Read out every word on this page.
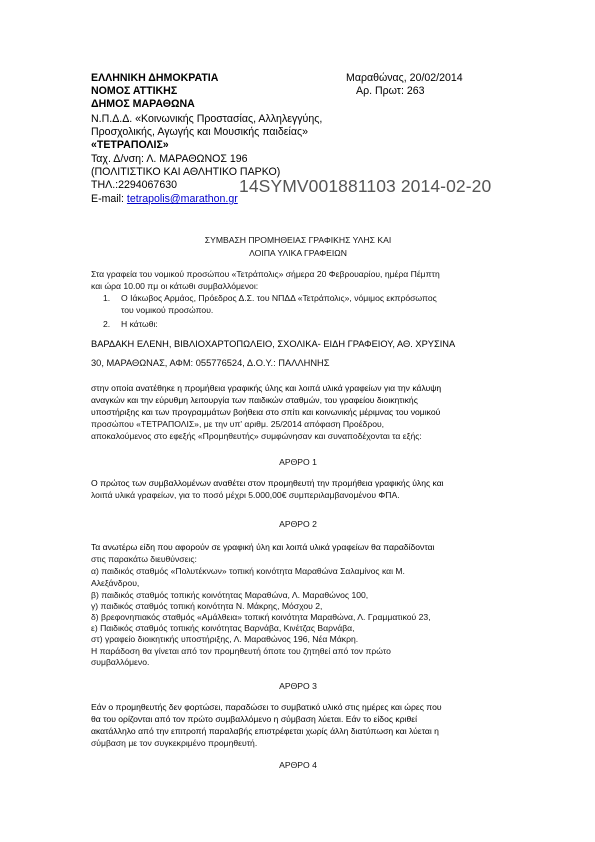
ΕΛΛΗΝΙΚΗ ΔΗΜΟΚΡΑΤΙΑ
ΝΟΜΟΣ ΑΤΤΙΚΗΣ
ΔΗΜΟΣ ΜΑΡΑΘΩΝΑ
Ν.Π.Δ.Δ. «Κοινωνικής Προστασίας, Αλληλεγγύης,
Προσχολικής, Αγωγής και Μουσικής παιδείας»
«ΤΕΤΡΑΠΟΛΙΣ»
Ταχ. Δ/νση: Λ. ΜΑΡΑΘΩΝΟΣ 196
(ΠΟΛΙΤΙΣΤΙΚΟ ΚΑΙ ΑΘΛΗΤΙΚΟ ΠΑΡΚΟ)
ΤΗΛ.:2294067630
E-mail: tetrapolis@marathon.gr
Μαραθώνας, 20/02/2014
Αρ. Πρωτ: 263
14SYMV001881103 2014-02-20
ΣΥΜΒΑΣΗ ΠΡΟΜΗΘΕΙΑΣ ΓΡΑΦΙΚΗΣ ΥΛΗΣ ΚΑΙ
ΛΟΙΠΑ ΥΛΙΚΑ ΓΡΑΦΕΙΩΝ
Στα γραφεία του νομικού προσώπου «Τετράπολις» σήμερα 20 Φεβρουαρίου, ημέρα Πέμπτη
και ώρα 10.00 πμ οι κάτωθι συμβαλλόμενοι:
1. Ο Ιάκωβος Αρμάος, Πρόεδρος Δ.Σ. του ΝΠΔΔ «Τετράπολις», νόμιμος εκπρόσωπος
του νομικού προσώπου.
2. Η κάτωθι:
ΒΑΡΔΑΚΗ ΕΛΕΝΗ, ΒΙΒΛΙΟΧΑΡΤΟΠΩΛΕΙΟ, ΣΧΟΛΙΚΑ- ΕΙΔΗ ΓΡΑΦΕΙΟΥ, ΑΘ. ΧΡΥΣΙΝΑ
30, ΜΑΡΑΘΩΝΑΣ, ΑΦΜ: 055776524, Δ.Ο.Υ.: ΠΑΛΛΗΝΗΣ
στην οποία ανατέθηκε η προμήθεια γραφικής ύλης και λοιπά υλικά γραφείων για την κάλυψη
αναγκών και την εύρυθμη λειτουργία των παιδικών σταθμών, του γραφείου διοικητικής
υποστήριξης και των προγραμμάτων βοήθεια στο σπίτι και κοινωνικής μέριμνας του νομικού
προσώπου «ΤΕΤΡΑΠΟΛΙΣ», με την υπ' αριθμ. 25/2014 απόφαση Προέδρου,
αποκαλούμενος στο εφεξής «Προμηθευτής» συμφώνησαν και συναποδέχονται τα εξής:
ΑΡΘΡΟ 1
Ο πρώτος των συμβαλλομένων αναθέτει στον προμηθευτή την προμήθεια γραφικής ύλης και
λοιπά υλικά γραφείων, για το ποσό μέχρι 5.000,00€ συμπεριλαμβανομένου ΦΠΑ.
ΑΡΘΡΟ 2
Τα ανωτέρω είδη που αφορούν σε γραφική ύλη και λοιπά υλικά γραφείων θα παραδίδονται
στις παρακάτω διευθύνσεις:
α) παιδικός σταθμός «Πολυτέκνων» τοπική κοινότητα Μαραθώνα Σαλαμίνος και Μ.
Αλεξάνδρου,
β) παιδικός σταθμός τοπικής κοινότητας Μαραθώνα, Λ. Μαραθώνος 100,
γ) παιδικός σταθμός τοπική κοινότητα Ν. Μάκρης, Μόσχου 2,
δ) βρεφονηπιακός σταθμός «Αμάλθεια» τοπική κοινότητα Μαραθώνα, Λ. Γραμματικού 23,
ε) Παιδικός σταθμός τοπικής κοινότητας Βαρνάβα, Κινέτζας Βαρνάβα,
στ) γραφείο διοικητικής υποστήριξης, Λ. Μαραθώνος 196, Νέα Μάκρη.
Η παράδοση θα γίνεται από τον προμηθευτή όποτε του ζητηθεί από τον πρώτο
συμβαλλόμενο.
ΑΡΘΡΟ 3
Εάν ο προμηθευτής δεν φορτώσει, παραδώσει το συμβατικό υλικό στις ημέρες και ώρες που
θα του ορίζονται από τον πρώτο συμβαλλόμενο η σύμβαση λύεται. Εάν το είδος κριθεί
ακατάλληλο από την επιτροπή παραλαβής επιστρέφεται χωρίς άλλη διατύπωση και λύεται η
σύμβαση με τον συγκεκριμένο προμηθευτή.
ΑΡΘΡΟ 4
